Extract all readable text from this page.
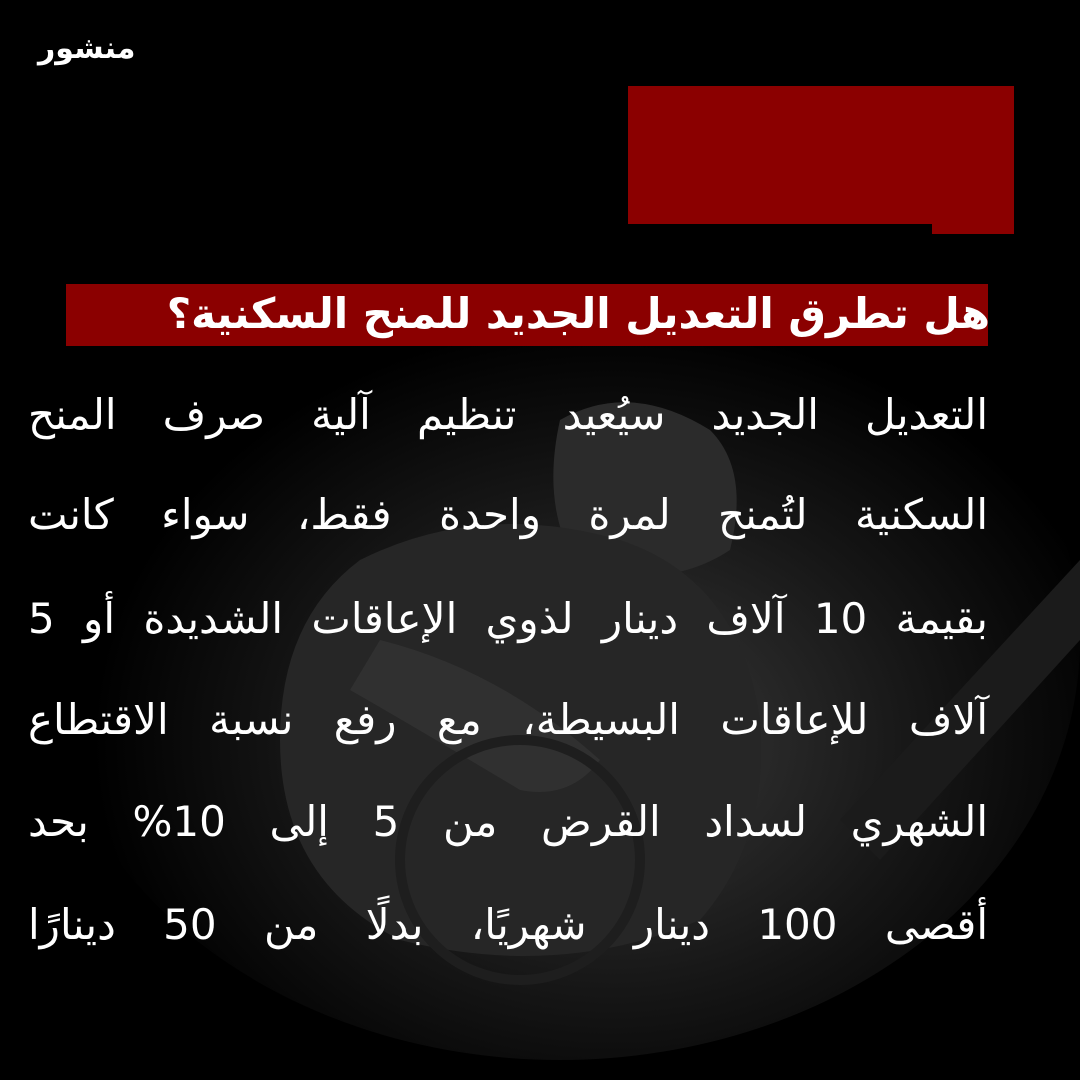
منشور
هل تطرق التعديل الجديد للمنح السكنية؟
التعديل الجديد سيُعيد تنظيم آلية صرف المنح
السكنية لتُمنح لمرة واحدة فقط، سواء كانت
بقيمة 10 آلاف دينار لذوي الإعاقات الشديدة أو 5
آلاف للإعاقات البسيطة، مع رفع نسبة الاقتطاع
الشهري لسداد القرض من 5 إلى 10% بحد
أقصى 100 دينار شهريًا، بدلًا من 50 دينارًا
